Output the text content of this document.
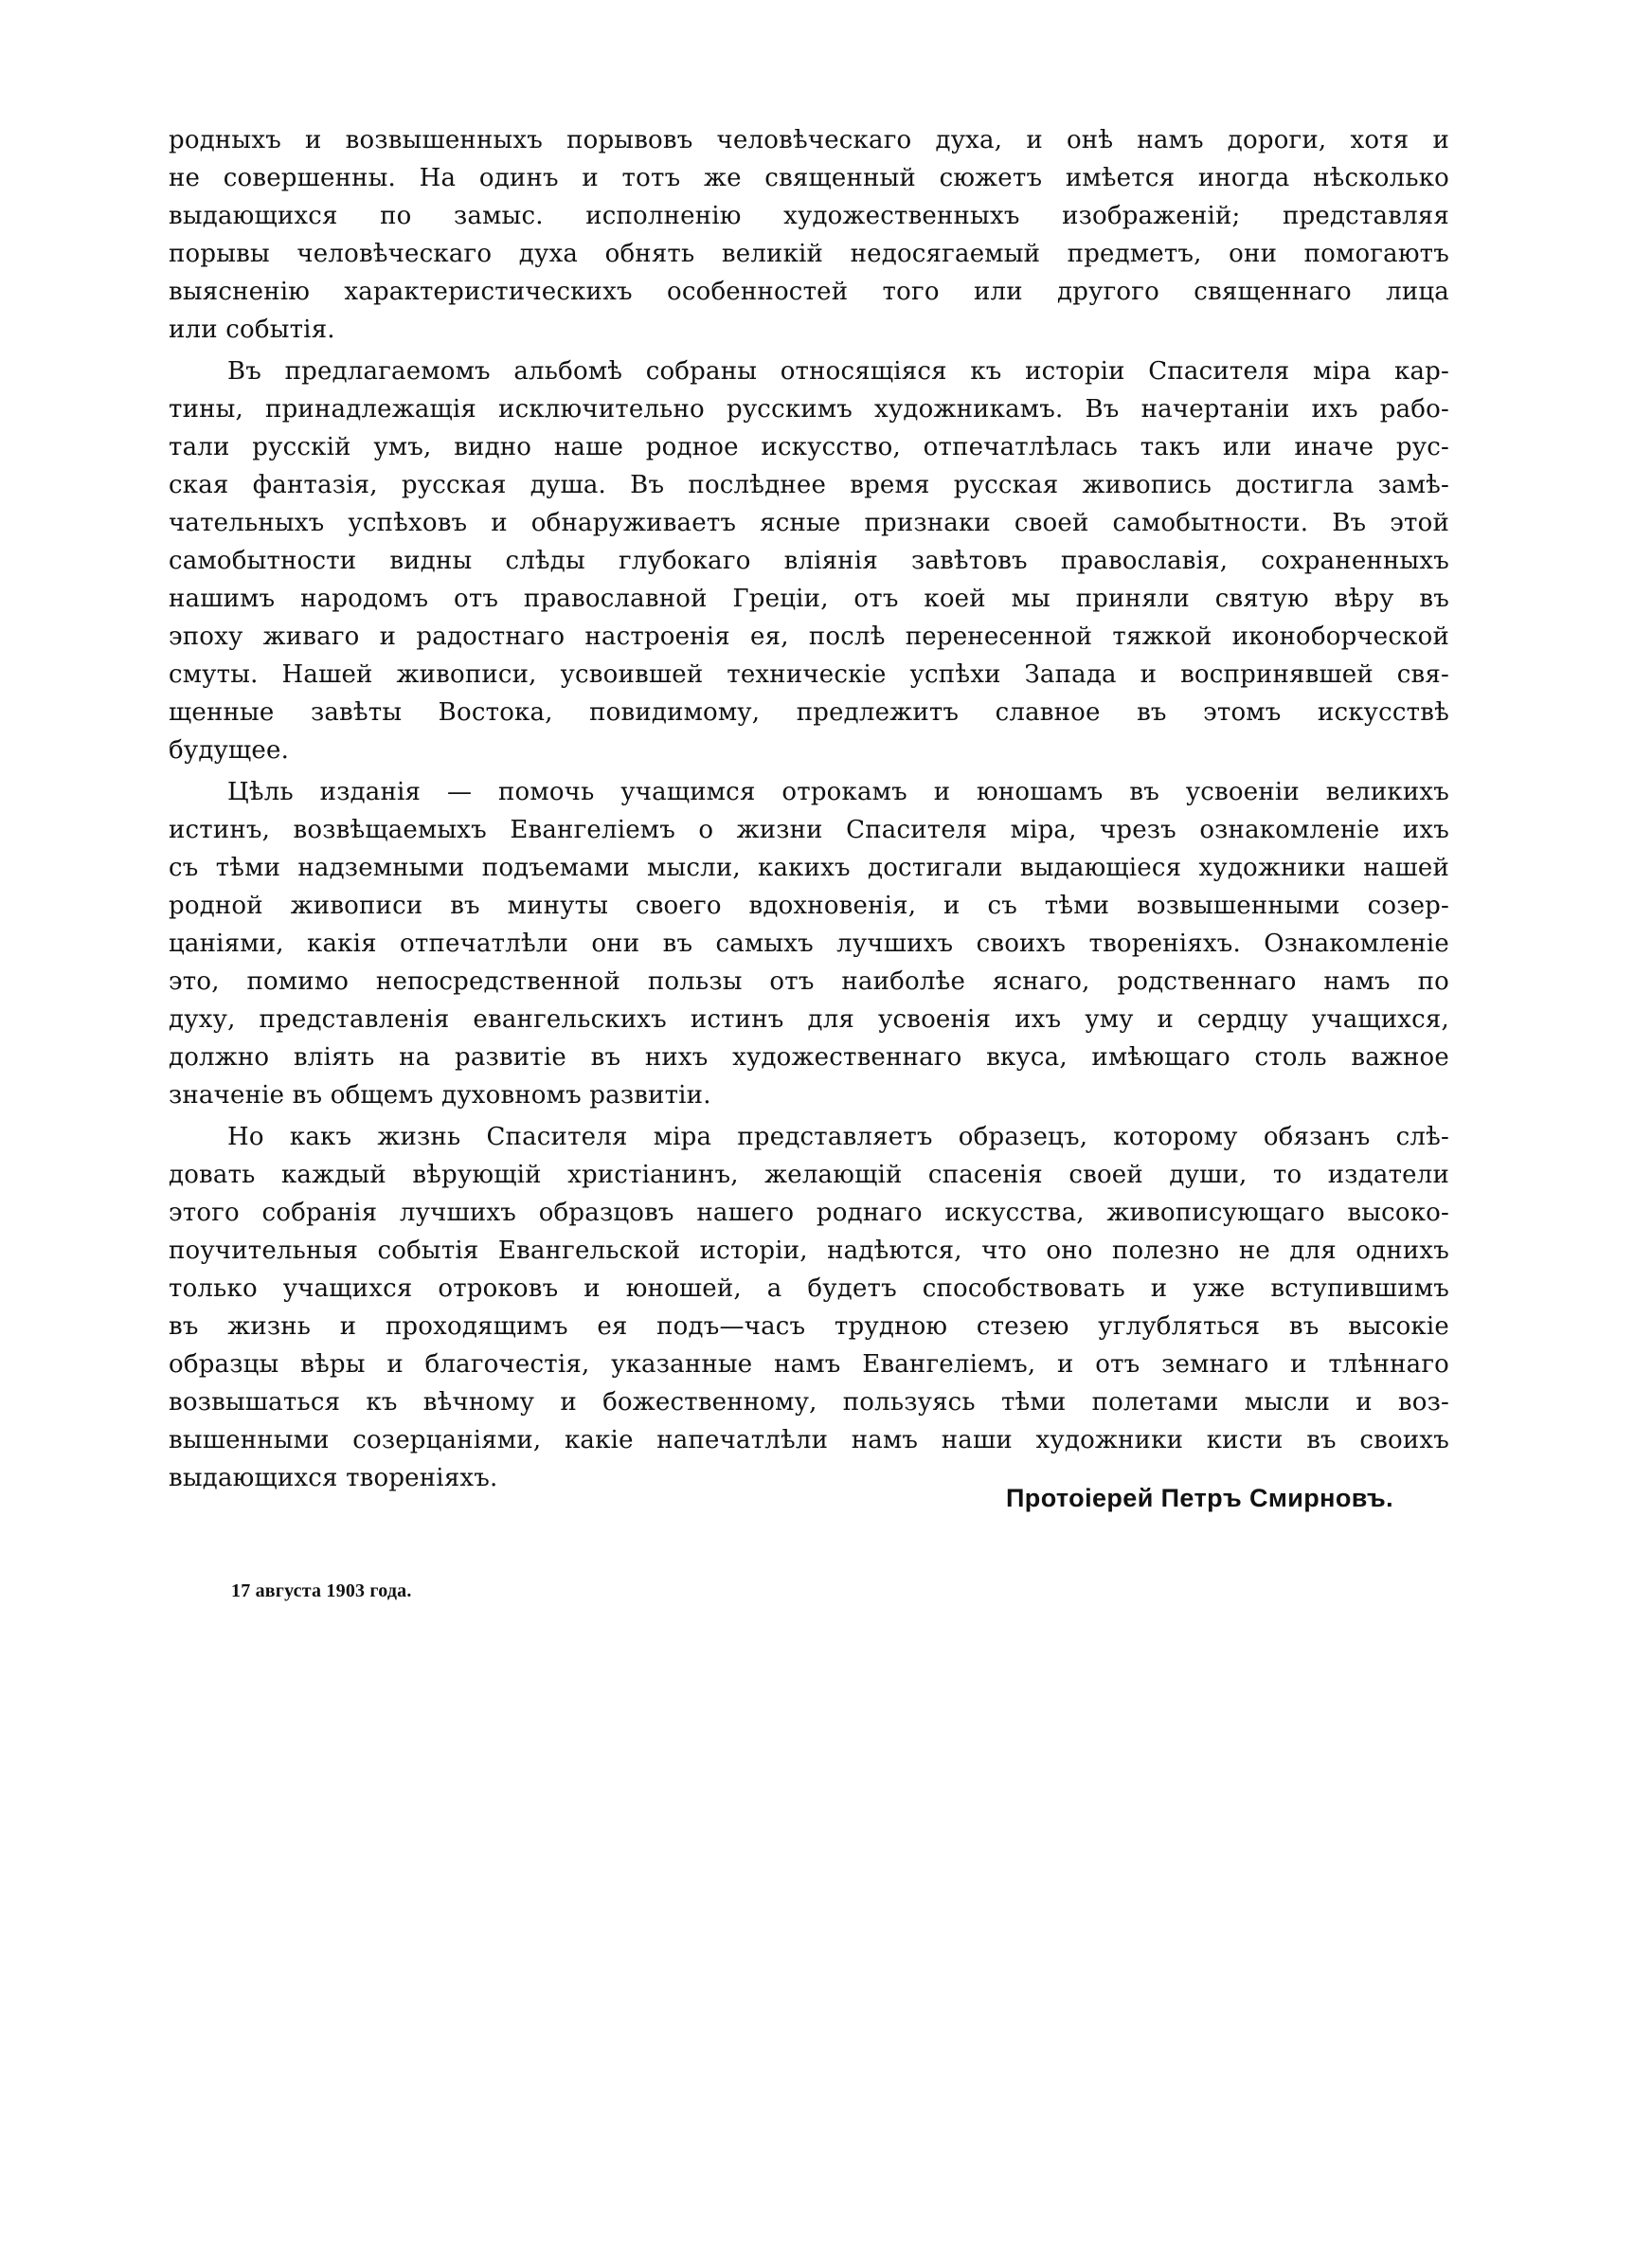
родныхъ и возвышенныхъ порывовъ человѣческаго духа, и онѣ намъ дороги, хотя и
не совершенны. На одинъ и тотъ же священный сюжетъ имѣется иногда нѣсколько
выдающихся по замыс. исполненію художественныхъ изображеній; представляя
порывы человѣческаго духа обнять великій недосягаемый предметъ, они помогаютъ
выясненію характеристическихъ особенностей того или другого священнаго лица
или событія.
Въ предлагаемомъ альбомѣ собраны относящіяся къ исторіи Спасителя міра кар-
тины, принадлежащія исключительно русскимъ художникамъ. Въ начертаніи ихъ рабо-
тали русскій умъ, видно наше родное искусство, отпечатлѣлась такъ или иначе рус-
ская фантазія, русская душа. Въ послѣднее время русская живопись достигла замѣ-
чательныхъ успѣховъ и обнаруживаетъ ясные признаки своей самобытности. Въ этой
самобытности видны слѣды глубокаго вліянія завѣтовъ православія, сохраненныхъ
нашимъ народомъ отъ православной Греціи, отъ коей мы приняли святую вѣру въ
эпоху живаго и радостнаго настроенія ея, послѣ перенесенной тяжкой иконоборческой
смуты. Нашей живописи, усвоившей техническіе успѣхи Запада и воспринявшей свя-
щенные завѣты Востока, повидимому, предлежитъ славное въ этомъ искусствѣ
будущее.
Цѣль изданія — помочь учащимся отрокамъ и юношамъ въ усвоеніи великихъ
истинъ, возвѣщаемыхъ Евангеліемъ о жизни Спасителя міра, чрезъ ознакомленіе ихъ
съ тѣми надземными подъемами мысли, какихъ достигали выдающіеся художники нашей
родной живописи въ минуты своего вдохновенія, и съ тѣми возвышенными созер-
цаніями, какія отпечатлѣли они въ самыхъ лучшихъ своихъ твореніяхъ. Ознакомленіе
это, помимо непосредственной пользы отъ наиболѣе яснаго, родственнаго намъ по
духу, представленія евангельскихъ истинъ для усвоенія ихъ уму и сердцу учащихся,
должно вліять на развитіе въ нихъ художественнаго вкуса, имѣющаго столь важное
значеніе въ общемъ духовномъ развитіи.
Но какъ жизнь Спасителя міра представляетъ образецъ, которому обязанъ слѣ-
довать каждый вѣрующій христіанинъ, желающій спасенія своей души, то издатели
этого собранія лучшихъ образцовъ нашего роднаго искусства, живописующаго высоко-
поучительныя событія Евангельской исторіи, надѣются, что оно полезно не для однихъ
только учащихся отроковъ и юношей, а будетъ способствовать и уже вступившимъ
въ жизнь и проходящимъ ея подъ—часъ трудною стезею углубляться въ высокіе
образцы вѣры и благочестія, указанные намъ Евангеліемъ, и отъ земнаго и тлѣннаго
возвышаться къ вѣчному и божественному, пользуясь тѣми полетами мысли и воз-
вышенными созерцаніями, какіе напечатлѣли намъ наши художники кисти въ своихъ
выдающихся твореніяхъ.
Протоіерей Петръ Смирновъ.
17 августа 1903 года.
